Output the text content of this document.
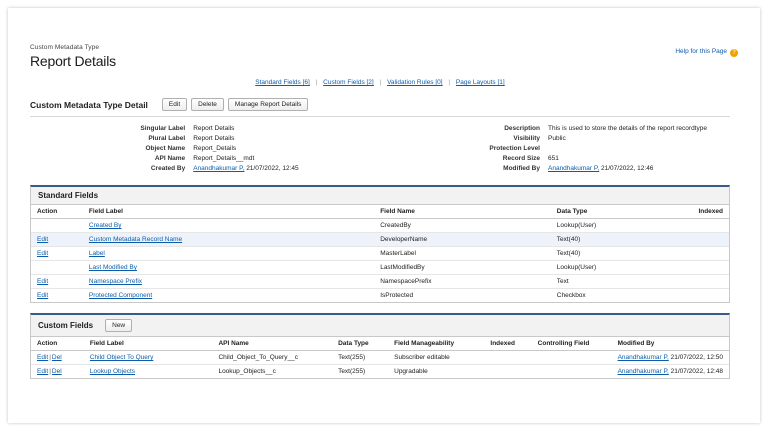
Help for this Page ?
Custom Metadata Type
Report Details
Standard Fields [6] | Custom Fields [2] | Validation Rules [0] | Page Layouts [1]
Custom Metadata Type Detail	Edit	Delete	Manage Report Details
Singular Label	Report Details
Plural Label	Report Details
Object Name	Report_Details
API Name	Report_Details__mdt
Created By	Anandhakumar P, 21/07/2022, 12:45
Description	This is used to store the details of the report recordtype
Visibility	Public
Protection Level
Record Size	651
Modified By	Anandhakumar P, 21/07/2022, 12:46
Standard Fields
Action	Field Label	Field Name	Data Type	Indexed
	Created By	CreatedBy	Lookup(User)	
Edit	Custom Metadata Record Name	DeveloperName	Text(40)	
Edit	Label	MasterLabel	Text(40)	
	Last Modified By	LastModifiedBy	Lookup(User)	
Edit	Namespace Prefix	NamespacePrefix	Text	
Edit	Protected Component	IsProtected	Checkbox	
Custom Fields	New
Action	Field Label	API Name	Data Type	Field Manageability	Indexed	Controlling Field	Modified By
Edit|Del	Child Object To Query	Child_Object_To_Query__c	Text(255)	Subscriber editable			Anandhakumar P, 21/07/2022, 12:50
Edit|Del	Lookup Objects	Lookup_Objects__c	Text(255)	Upgradable			Anandhakumar P, 21/07/2022, 12:48
